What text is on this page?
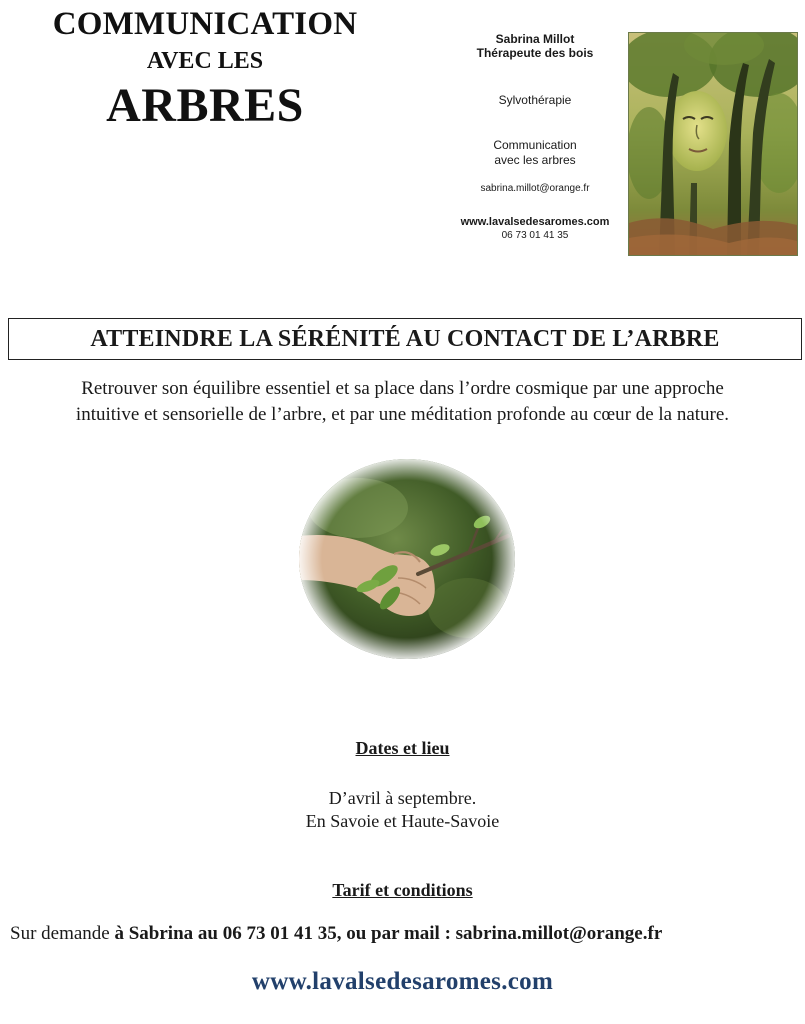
COMMUNICATION
AVEC LES
ARBRES
Sabrina Millot
Thérapeute des bois
Sylvothérapie
Communication
avec les arbres
sabrina.millot@orange.fr
www.lavalsedesaromes.com
06 73 01 41 35
ATTEINDRE LA SÉRÉNITÉ AU CONTACT DE L’ARBRE
Retrouver son équilibre essentiel et sa place dans l’ordre cosmique par une approche
intuitive et sensorielle de l’arbre, et par une méditation profonde au cœur de la nature.
Dates et lieu
D’avril à septembre.
En Savoie et Haute-Savoie
Tarif et conditions
Sur demande à Sabrina au 06 73 01 41 35, ou par mail : sabrina.millot@orange.fr
www.lavalsedesaromes.com
